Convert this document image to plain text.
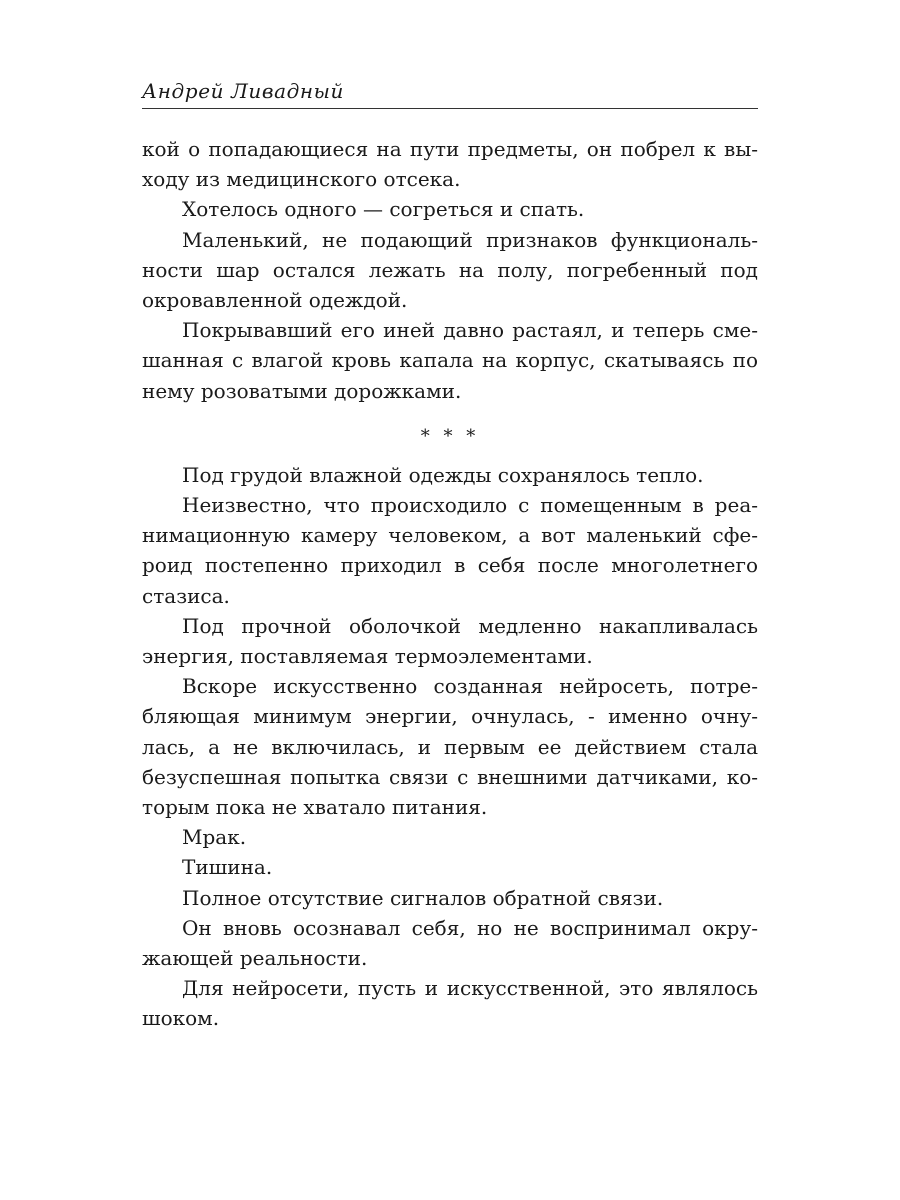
Андрей Ливадный
кой о попадающиеся на пути предметы, он побрел к вы-
ходу из медицинского отсека.
Хотелось одного — согреться и спать.
Маленький, не подающий признаков функциональ-
ности шар остался лежать на полу, погребенный под
окровавленной одеждой.
Покрывавший его иней давно растаял, и теперь сме-
шанная с влагой кровь капала на корпус, скатываясь по
нему розоватыми дорожками.
* * *
Под грудой влажной одежды сохранялось тепло.
Неизвестно, что происходило с помещенным в реа-
нимационную камеру человеком, а вот маленький сфе-
роид постепенно приходил в себя после многолетнего
стазиса.
Под прочной оболочкой медленно накапливалась
энергия, поставляемая термоэлементами.
Вскоре искусственно созданная нейросеть, потре-
бляющая минимум энергии, очнулась, - именно очну-
лась, а не включилась, и первым ее действием стала
безуспешная попытка связи с внешними датчиками, ко-
торым пока не хватало питания.
Мрак.
Тишина.
Полное отсутствие сигналов обратной связи.
Он вновь осознавал себя, но не воспринимал окру-
жающей реальности.
Для нейросети, пусть и искусственной, это являлось
шоком.
